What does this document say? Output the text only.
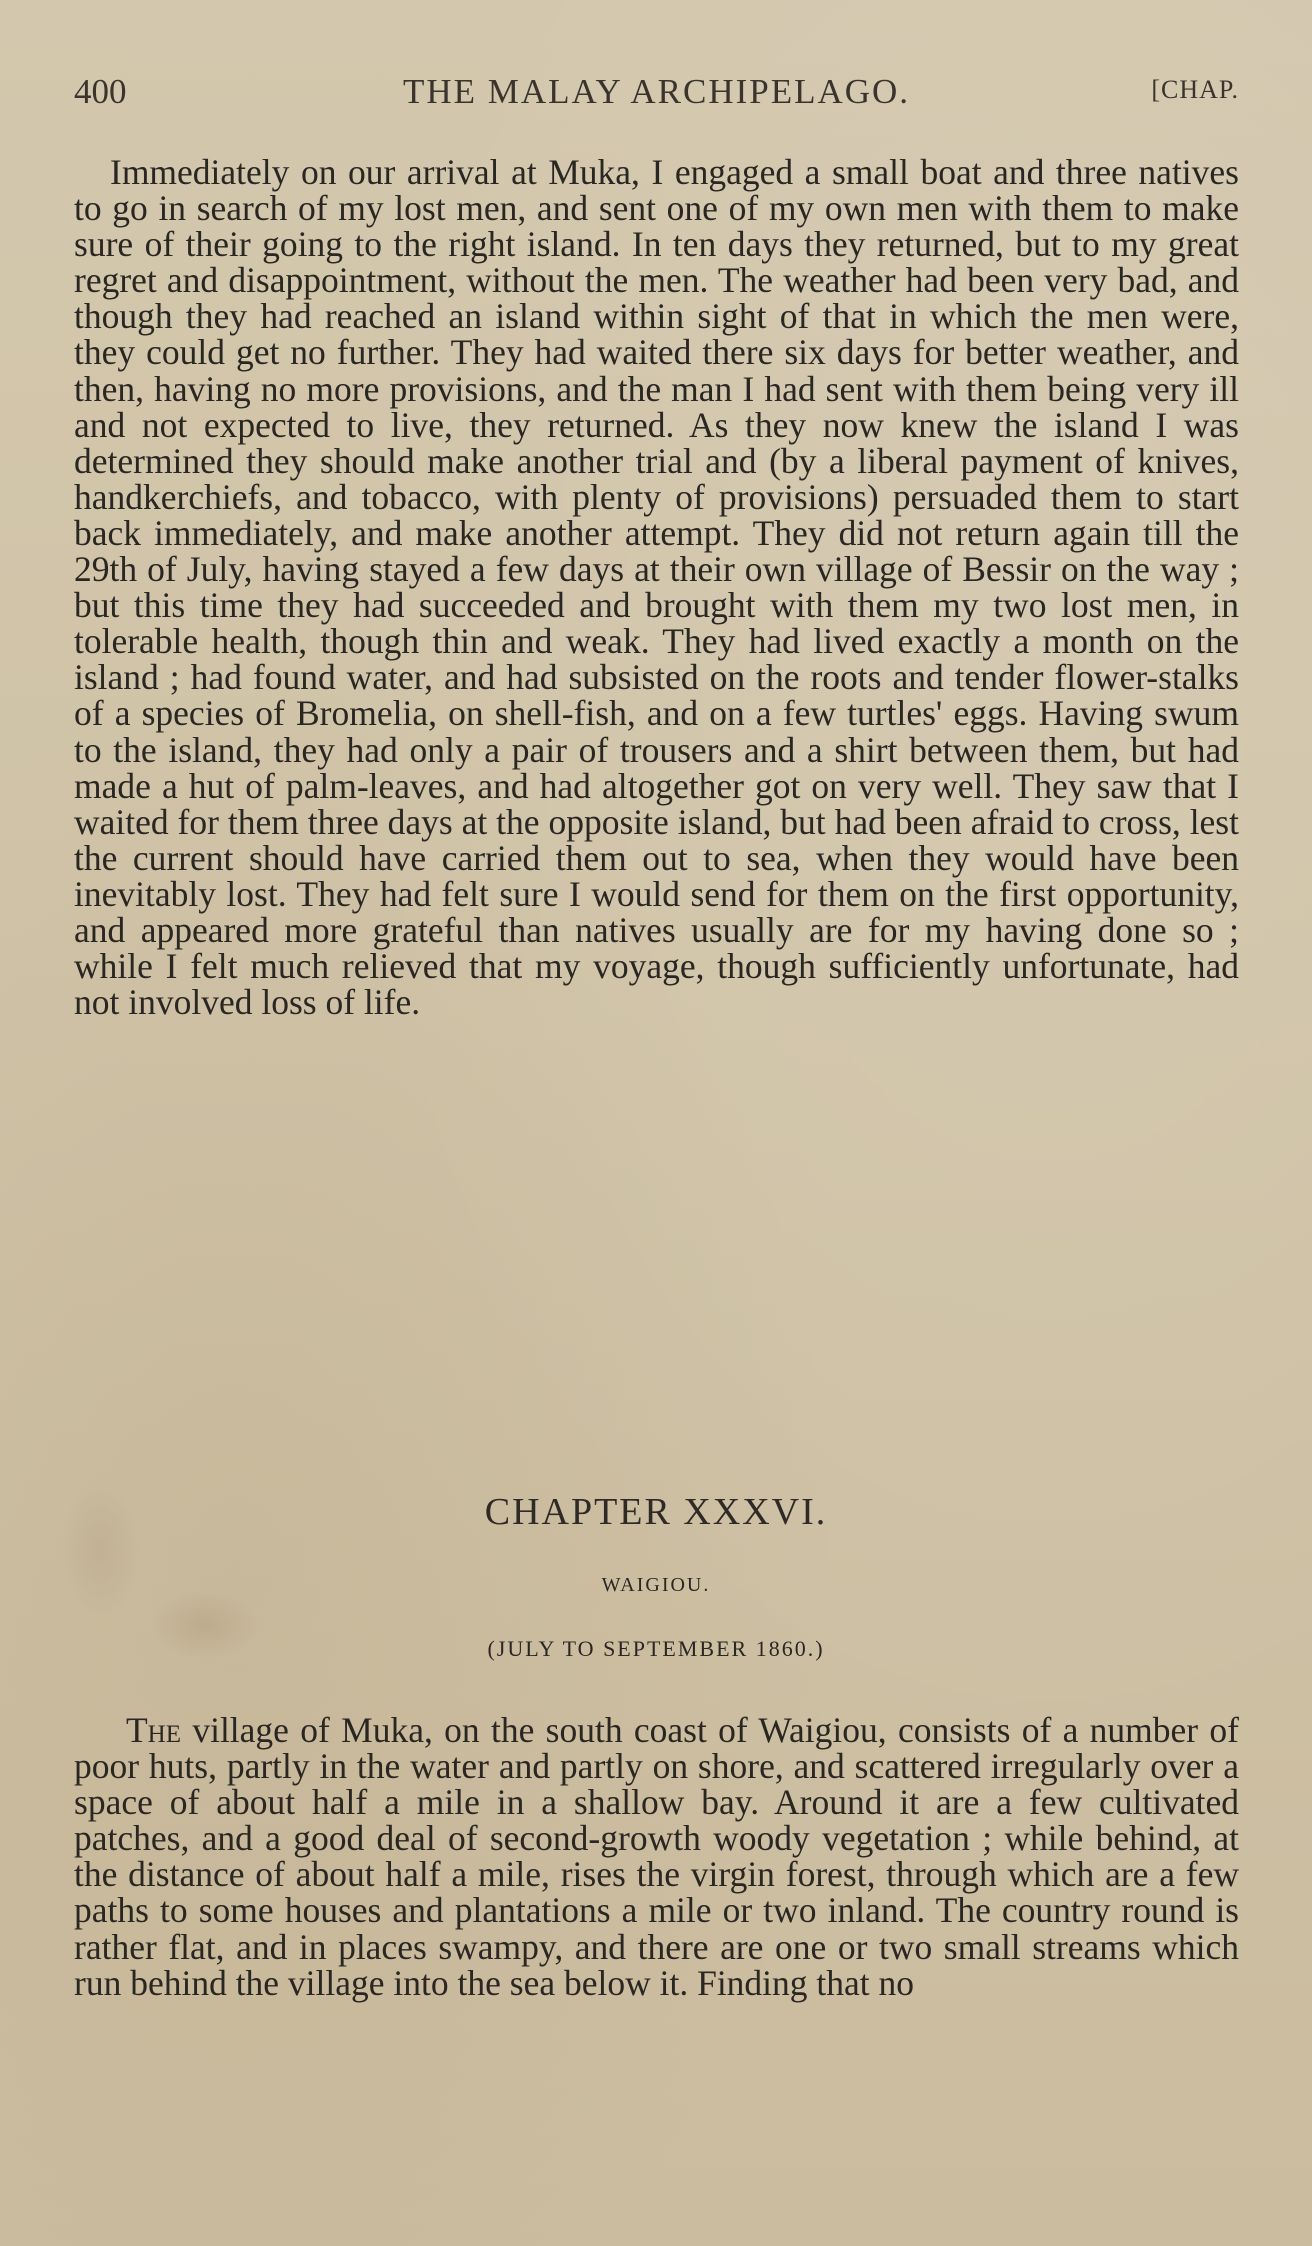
400	THE MALAY ARCHIPELAGO.	[CHAP.

Immediately on our arrival at Muka, I engaged a small boat and three natives to go in search of my lost men, and sent one of my own men with them to make sure of their going to the right island. In ten days they returned, but to my great regret and disappointment, without the men. The weather had been very bad, and though they had reached an island within sight of that in which the men were, they could get no further. They had waited there six days for better weather, and then, having no more provisions, and the man I had sent with them being very ill and not expected to live, they returned. As they now knew the island I was determined they should make another trial and (by a liberal payment of knives, handkerchiefs, and tobacco, with plenty of provisions) persuaded them to start back immediately, and make another attempt. They did not return again till the 29th of July, having stayed a few days at their own village of Bessir on the way ; but this time they had succeeded and brought with them my two lost men, in tolerable health, though thin and weak. They had lived exactly a month on the island ; had found water, and had subsisted on the roots and tender flower-stalks of a species of Bromelia, on shell-fish, and on a few turtles' eggs. Having swum to the island, they had only a pair of trousers and a shirt between them, but had made a hut of palm-leaves, and had altogether got on very well. They saw that I waited for them three days at the opposite island, but had been afraid to cross, lest the current should have carried them out to sea, when they would have been inevitably lost. They had felt sure I would send for them on the first opportunity, and appeared more grateful than natives usually are for my having done so ; while I felt much relieved that my voyage, though sufficiently unfortunate, had not involved loss of life.

CHAPTER XXXVI.
WAIGIOU.
(JULY TO SEPTEMBER 1860.)

The village of Muka, on the south coast of Waigiou, consists of a number of poor huts, partly in the water and partly on shore, and scattered irregularly over a space of about half a mile in a shallow bay. Around it are a few cultivated patches, and a good deal of second-growth woody vegetation ; while behind, at the distance of about half a mile, rises the virgin forest, through which are a few paths to some houses and plantations a mile or two inland. The country round is rather flat, and in places swampy, and there are one or two small streams which run behind the village into the sea below it. Finding that no
